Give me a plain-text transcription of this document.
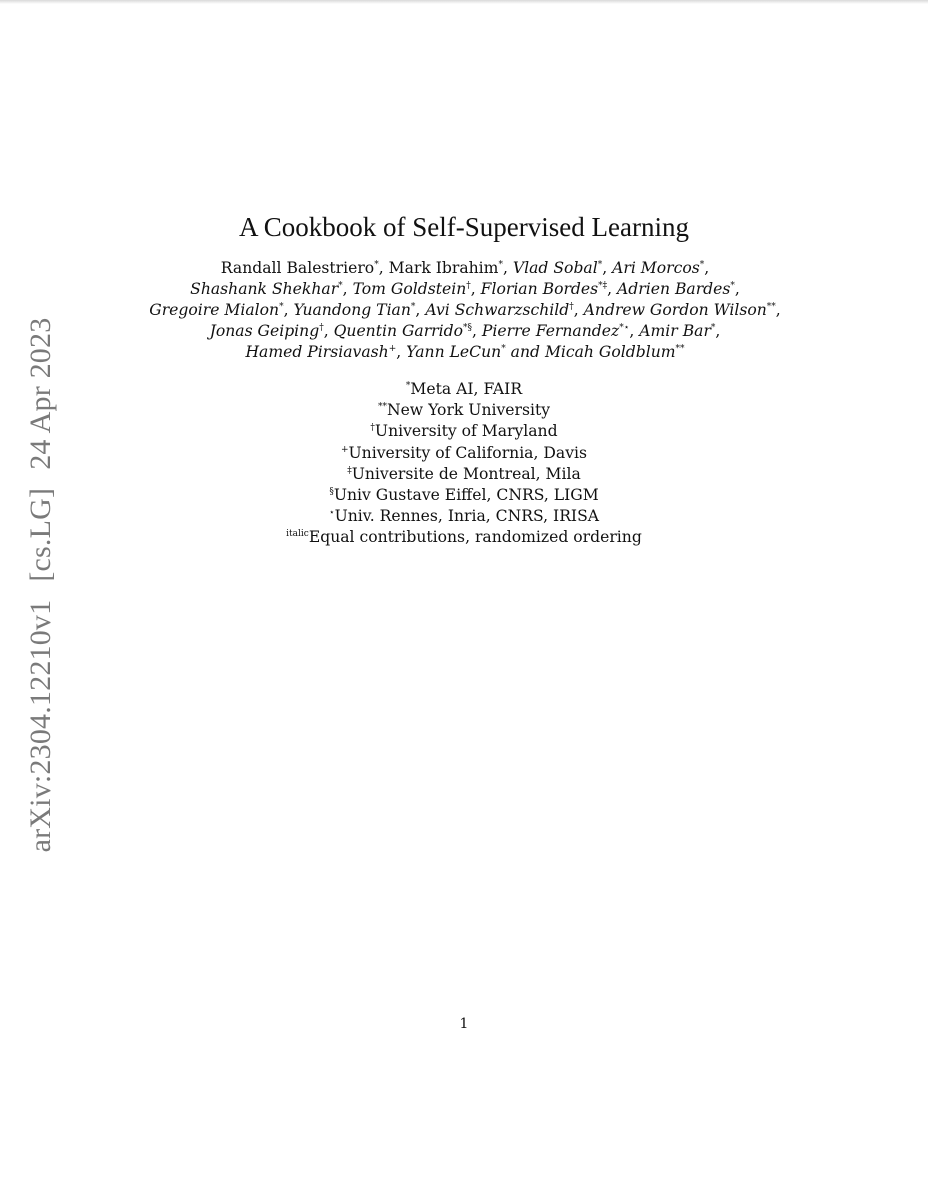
arXiv:2304.12210v1[cs.LG]24 Apr 2023
A Cookbook of Self-Supervised Learning
Randall Balestriero*, Mark Ibrahim*, Vlad Sobal*, Ari Morcos*, Shashank Shekhar*, Tom Goldstein†, Florian Bordes*‡, Adrien Bardes*, Gregoire Mialon*, Yuandong Tian*, Avi Schwarzschild†, Andrew Gordon Wilson**, Jonas Geiping†, Quentin Garrido*§, Pierre Fernandez*⋆, Amir Bar*, Hamed Pirsiavash+, Yann LeCun* and Micah Goldblum**
*Meta AI, FAIR
**New York University
†University of Maryland
+University of California, Davis
‡Universite de Montreal, Mila
§Univ Gustave Eiffel, CNRS, LIGM
⋆Univ. Rennes, Inria, CNRS, IRISA
$^{italic}$Equal contributions, randomized ordering
1
